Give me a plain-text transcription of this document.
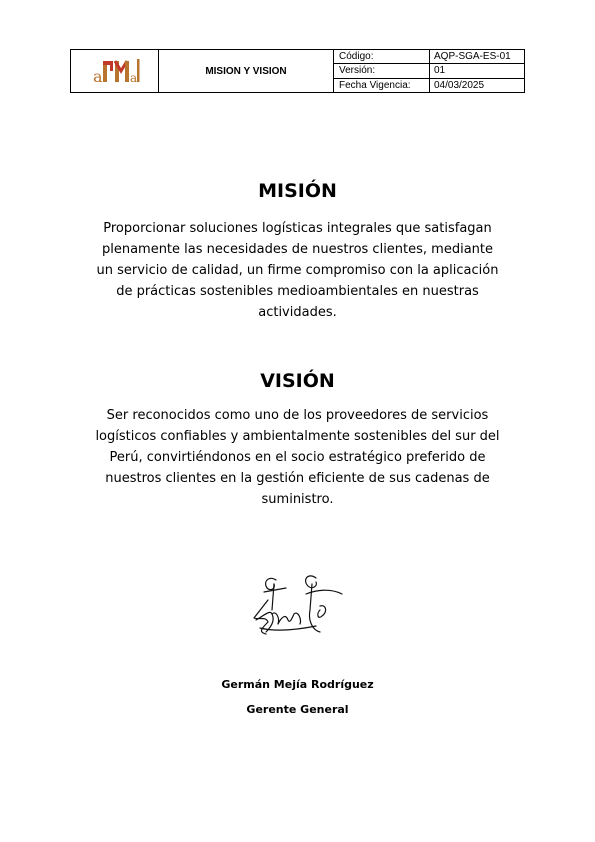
a a	MISION Y VISION	Código:	AQP-SGA-ES-01
		Versión:	01
		Fecha Vigencia:	04/03/2025
MISIÓN
Proporcionar soluciones logísticas integrales que satisfagan plenamente las necesidades de nuestros clientes, mediante un servicio de calidad, un firme compromiso con la aplicación de prácticas sostenibles medioambientales en nuestras actividades.
VISIÓN
Ser reconocidos como uno de los proveedores de servicios logísticos confiables y ambientalmente sostenibles del sur del Perú, convirtiéndonos en el socio estratégico preferido de nuestros clientes en la gestión eficiente de sus cadenas de suministro.
Germán Mejía Rodríguez
Gerente General
